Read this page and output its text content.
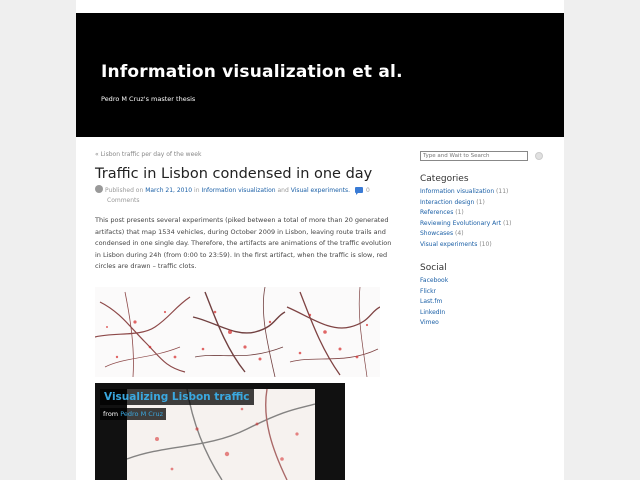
Information visualization et al.
Pedro M Cruz's master thesis
Blog	About
« Lisbon traffic per day of the week
Traffic in Lisbon condensed in one day
Published on March 21, 2010 in Information visualization and Visual experiments.	0
Comments
This post presents several experiments (piked between a total of more than 20 generated artifacts) that map 1534 vehicles, during October 2009 in Lisbon, leaving route trails and condensed in one single day. Therefore, the artifacts are animations of the traffic evolution in Lisbon during 24h (from 0:00 to 23:59). In the first artifact, when the traffic is slow, red circles are drawn – traffic clots.
Visualizing Lisbon traffic
from Pedro M Cruz
Type and Wait to Search
Categories
Information visualization (11)
Interaction design (1)
References (1)
Reviewing Evolutionary Art (1)
Showcases (4)
Visual experiments (10)
Social
Facebook
Flickr
Last.fm
LinkedIn
Vimeo
